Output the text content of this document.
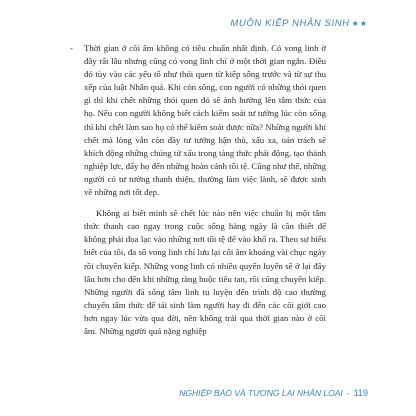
MUÔN KIẾP NHÂN SINH ★★

- Thời gian ở cõi âm không có tiêu chuẩn nhất định. Có vong linh ở đây rất lâu nhưng cũng có vong linh chỉ ở một thời gian ngắn. Điều đó tùy vào các yếu tố như thói quen từ kiếp sống trước và từ sự thu xếp của luật Nhân quả. Khi còn sống, con người có những thói quen gì thì khi chết những thói quen đó sẽ ảnh hưởng lên tâm thức của họ. Nếu con người không biết cách kiểm soát tư tưởng lúc còn sống thì khi chết làm sao họ có thể kiểm soát được nữa? Những người khi chết mà lòng vẫn còn đầy tư tưởng hận thù, xấu xa, oán trách sẽ khích động những chúng tử xấu trong tàng thức phát động, tạo thành nghiệp lực, đẩy họ đến những hoàn cảnh tồi tệ. Cũng như thế, những người có tư tưởng thanh thiện, thường làm việc lành, sẽ được sinh về những nơi tốt đẹp.

Không ai biết mình sẽ chết lúc nào nên việc chuẩn bị một tâm thức thanh cao ngay trong cuộc sống hàng ngày là cần thiết để không phải đọa lạc vào những nơi tồi tệ để vào khổ ra. Theo sự hiểu biết của tôi, đa số vong linh chỉ lưu lại cõi âm khoảng vài chục ngày rồi chuyển kiếp. Những vong linh có nhiều quyến luyến sẽ ở lại đây lâu hơn cho đến khi những ràng buộc tiêu tan, rồi cũng chuyển kiếp. Những người đã sống tâm linh tu luyện đến trình độ cao thường chuyển tâm thức để tái sinh làm người hay đi đến các cõi giới cao hơn ngay lúc vừa qua đời, nên không trải qua thời gian nào ở cõi âm. Những người quá nặng nghiệp

NGHIỆP BÁO VÀ TƯƠNG LAI NHÂN LOẠI - 119
